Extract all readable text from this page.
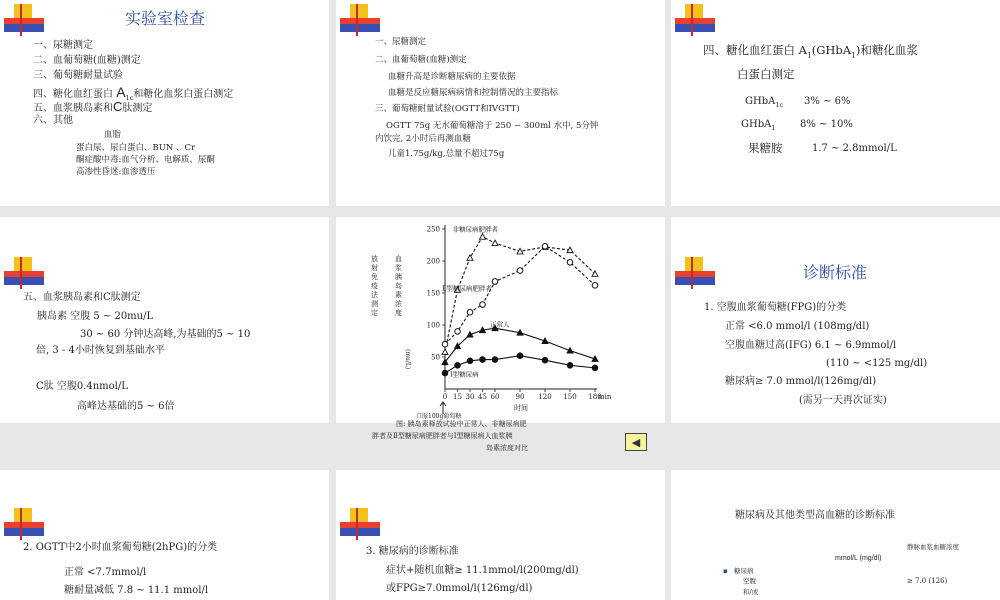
实验室检查
一、尿糖测定
二、血葡萄糖(血糖)测定
三、葡萄糖耐量试验
四、糖化血红蛋白 $A_{1c}$和糖化血浆白蛋白测定
五、血浆胰岛素和C肽测定
六、其他
血脂
蛋白尿、尿白蛋白、BUN 、Cr
酮症酸中毒:血气分析、电解质、尿酮
高渗性昏迷:血渗透压
一、尿糖测定
二、血葡萄糖(血糖)测定
血糖升高是诊断糖尿病的主要依据
血糖是反应糖尿病病情和控制情况的主要指标
三、葡萄糖耐量试验(OGTT和IVGTT)
OGTT 75g 无水葡萄糖溶于 250 ~ 300ml 水中, 5分钟
内饮完, 2小时后再测血糖
儿童1.75g/kg,总量不超过75g
四、糖化血红蛋白 $A_1(GHbA_1)$和糖化血浆
白蛋白测定
GHbA$_{1c}$ 3% ~ 6%
GHbA$_1$ 8% ~ 10%
果糖胺	1.7 ~ 2.8mmol/L
五、血浆胰岛素和C肽测定
胰岛素 空腹 5 ~ 20mu/L
30 ~ 60 分钟达高峰,为基础的5 ~ 10
倍, 3 - 4小时恢复到基础水平
C肽 空腹0.4nmol/L
高峰达基础的5 ~ 6倍
50
100
150
200
250
0 15 30 45 60 90 120 150 180
非糖尿病肥胖者
Ⅱ型糖尿病肥胖者
正常人
Ⅰ型糖尿病
放射免疫法测定
血浆胰岛素浓度
(mu/L)
min
时间
口服100g葡萄糖
图: 胰岛素释放试验中正常人、非糖尿病肥
胖者及Ⅱ型糖尿病肥胖者与Ⅰ型糖尿病人血浆胰
岛素浓度对比	◀
诊断标准
1. 空腹血浆葡萄糖(FPG)的分类
正常 <6.0 mmol/l (108mg/dl)
空腹血糖过高(IFG) 6.1 ~ 6.9mmol/l
(110 ~ <125 mg/dl)
糖尿病≥ 7.0 mmol/l(126mg/dl)
(需另一天再次证实)
2. OGTT中2小时血浆葡萄糖(2hPG)的分类
正常 <7.7mmol/l
糖耐量减低 7.8 ~ 11.1 mmol/l
3. 糖尿病的诊断标准
症状+随机血糖≥ 11.1mmol/l(200mg/dl)
或FPG≥7.0mmol/l(126mg/dl)
糖尿病及其他类型高血糖的诊断标准
静脉血浆血糖浓度
mmol/L (mg/dl)
▪ 糖尿病
空腹	≥ 7.0 (126)
和/或
